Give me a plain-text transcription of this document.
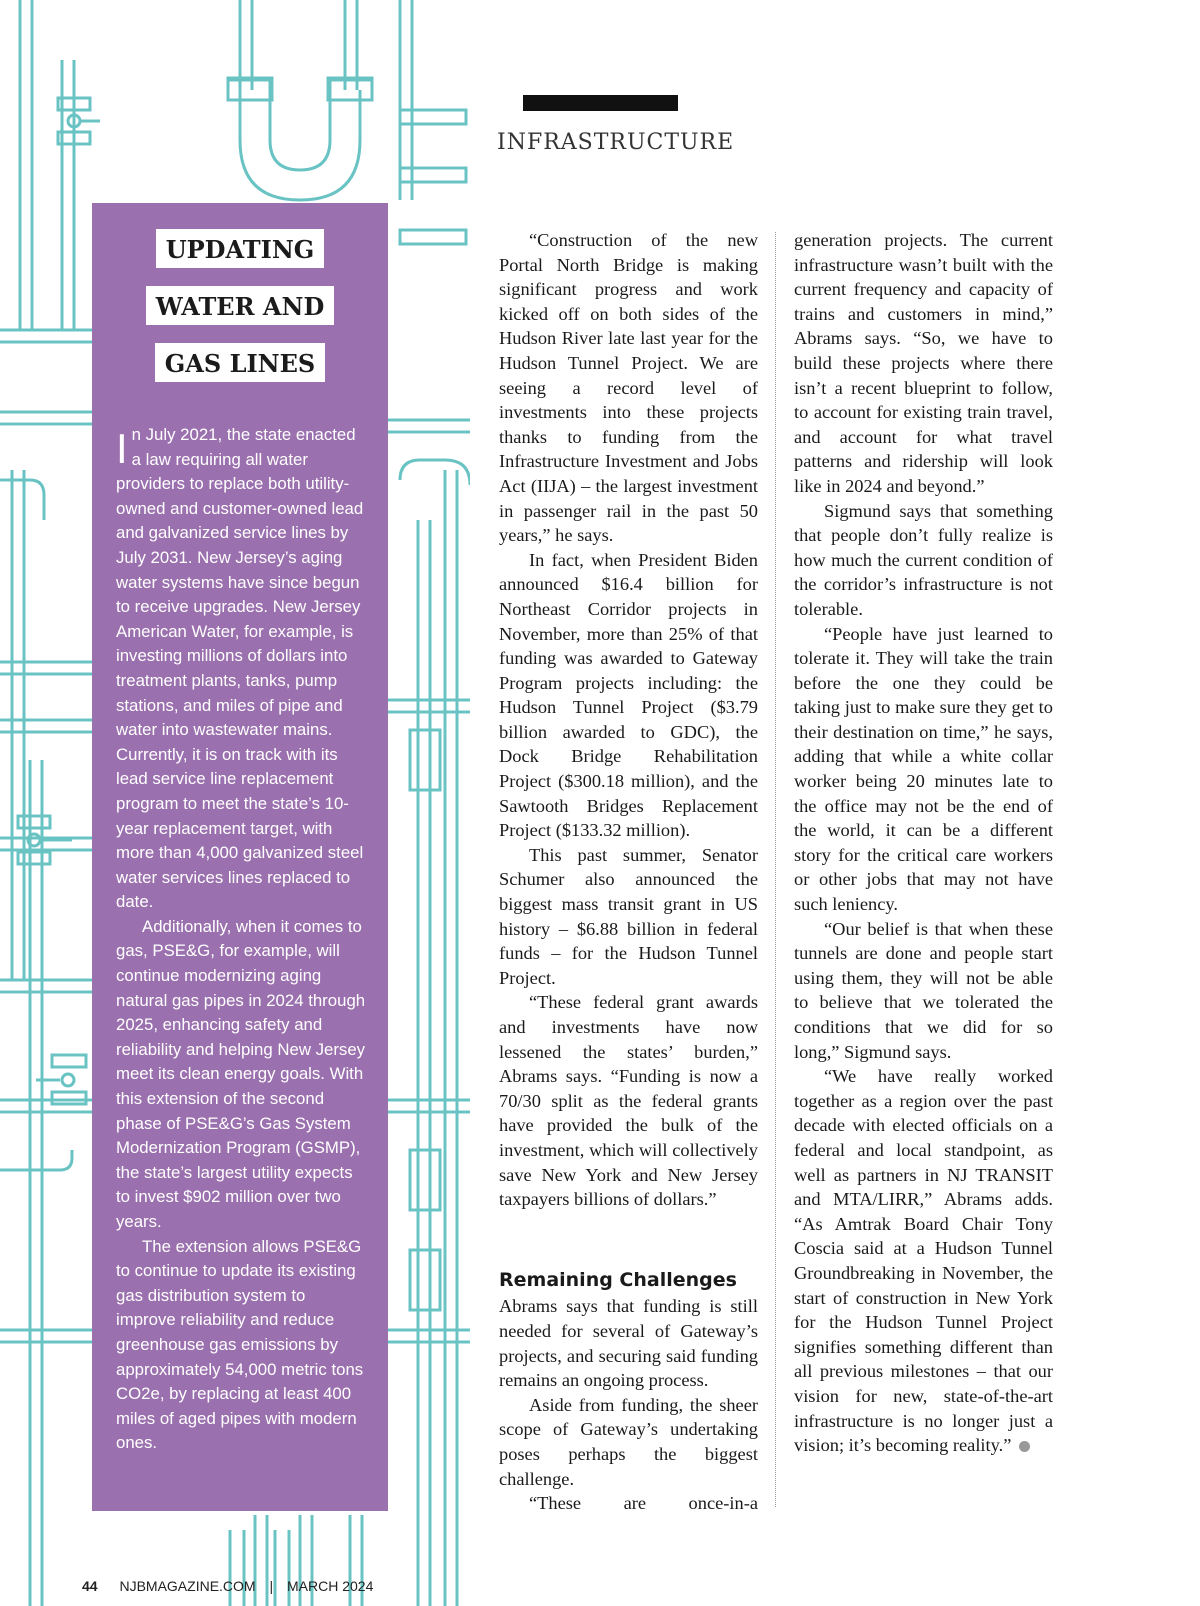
INFRASTRUCTURE
UPDATING
WATER AND
GAS LINES

In July 2021, the state enacted a law requiring all water providers to replace both utility-owned and customer-owned lead and galvanized service lines by July 2031. New Jersey’s aging water systems have since begun to receive upgrades. New Jersey American Water, for example, is investing millions of dollars into treatment plants, tanks, pump stations, and miles of pipe and water into wastewater mains. Currently, it is on track with its lead service line replacement program to meet the state’s 10-year replacement target, with more than 4,000 galvanized steel water services lines replaced to date.

Additionally, when it comes to gas, PSE&G, for example, will continue modernizing aging natural gas pipes in 2024 through 2025, enhancing safety and reliability and helping New Jersey meet its clean energy goals. With this extension of the second phase of PSE&G’s Gas System Modernization Program (GSMP), the state’s largest utility expects to invest $902 million over two years.

The extension allows PSE&G to continue to update its existing gas distribution system to improve reliability and reduce greenhouse gas emissions by approximately 54,000 metric tons CO2e, by replacing at least 400 miles of aged pipes with modern ones.

“Construction of the new Portal North Bridge is making significant progress and work kicked off on both sides of the Hudson River late last year for the Hudson Tunnel Project. We are seeing a record level of investments into these projects thanks to funding from the Infrastructure Investment and Jobs Act (IIJA) – the largest investment in passenger rail in the past 50 years,” he says.

In fact, when President Biden announced $16.4 billion for Northeast Corridor projects in November, more than 25% of that funding was awarded to Gateway Program projects including: the Hudson Tunnel Project ($3.79 billion awarded to GDC), the Dock Bridge Rehabilitation Project ($300.18 million), and the Sawtooth Bridges Replacement Project ($133.32 million).

This past summer, Senator Schumer also announced the biggest mass transit grant in US history – $6.88 billion in federal funds – for the Hudson Tunnel Project.

“These federal grant awards and investments have now lessened the states’ burden,” Abrams says. “Funding is now a 70/30 split as the federal grants have provided the bulk of the investment, which will collectively save New York and New Jersey taxpayers billions of dollars.”

Remaining Challenges

Abrams says that funding is still needed for several of Gateway’s projects, and securing said funding remains an ongoing process.

Aside from funding, the sheer scope of Gateway’s undertaking poses perhaps the biggest challenge.

“These are once-in-a

generation projects. The current infrastructure wasn’t built with the current frequency and capacity of trains and customers in mind,” Abrams says. “So, we have to build these projects where there isn’t a recent blueprint to follow, to account for existing train travel, and account for what travel patterns and ridership will look like in 2024 and beyond.”

Sigmund says that something that people don’t fully realize is how much the current condition of the corridor’s infrastructure is not tolerable.

“People have just learned to tolerate it. They will take the train before the one they could be taking just to make sure they get to their destination on time,” he says, adding that while a white collar worker being 20 minutes late to the office may not be the end of the world, it can be a different story for the critical care workers or other jobs that may not have such leniency.

“Our belief is that when these tunnels are done and people start using them, they will not be able to believe that we tolerated the conditions that we did for so long,” Sigmund says.

“We have really worked together as a region over the past decade with elected officials on a federal and local standpoint, as well as partners in NJ TRANSIT and MTA/LIRR,” Abrams adds. “As Amtrak Board Chair Tony Coscia said at a Hudson Tunnel Groundbreaking in November, the start of construction in New York for the Hudson Tunnel Project signifies something different than all previous milestones – that our vision for new, state-of-the-art infrastructure is no longer just a vision; it’s becoming reality.”

44 NJBMAGAZINE.COM | MARCH 2024
